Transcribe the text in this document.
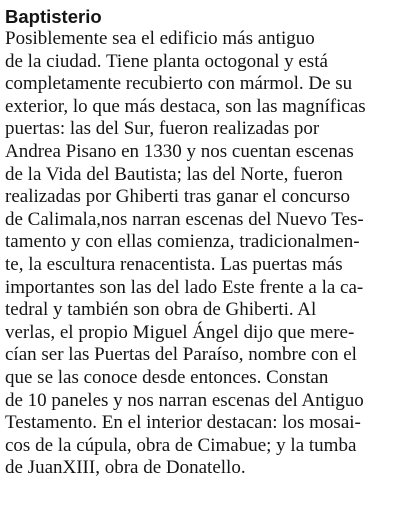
Baptisterio
Posiblemente sea el edificio más antiguo
de la ciudad. Tiene planta octogonal y está
completamente recubierto con mármol. De su
exterior, lo que más destaca, son las magníficas
puertas: las del Sur, fueron realizadas por
Andrea Pisano en 1330 y nos cuentan escenas
de la Vida del Bautista; las del Norte, fueron
realizadas por Ghiberti tras ganar el concurso
de Calimala,nos narran escenas del Nuevo Tes-
tamento y con ellas comienza, tradicionalmen-
te, la escultura renacentista. Las puertas más
importantes son las del lado Este frente a la ca-
tedral y también son obra de Ghiberti. Al
verlas, el propio Miguel Ángel dijo que mere-
cían ser las Puertas del Paraíso, nombre con el
que se las conoce desde entonces. Constan
de 10 paneles y nos narran escenas del Antiguo
Testamento. En el interior destacan: los mosai-
cos de la cúpula, obra de Cimabue; y la tumba
de JuanXIII, obra de Donatello.
